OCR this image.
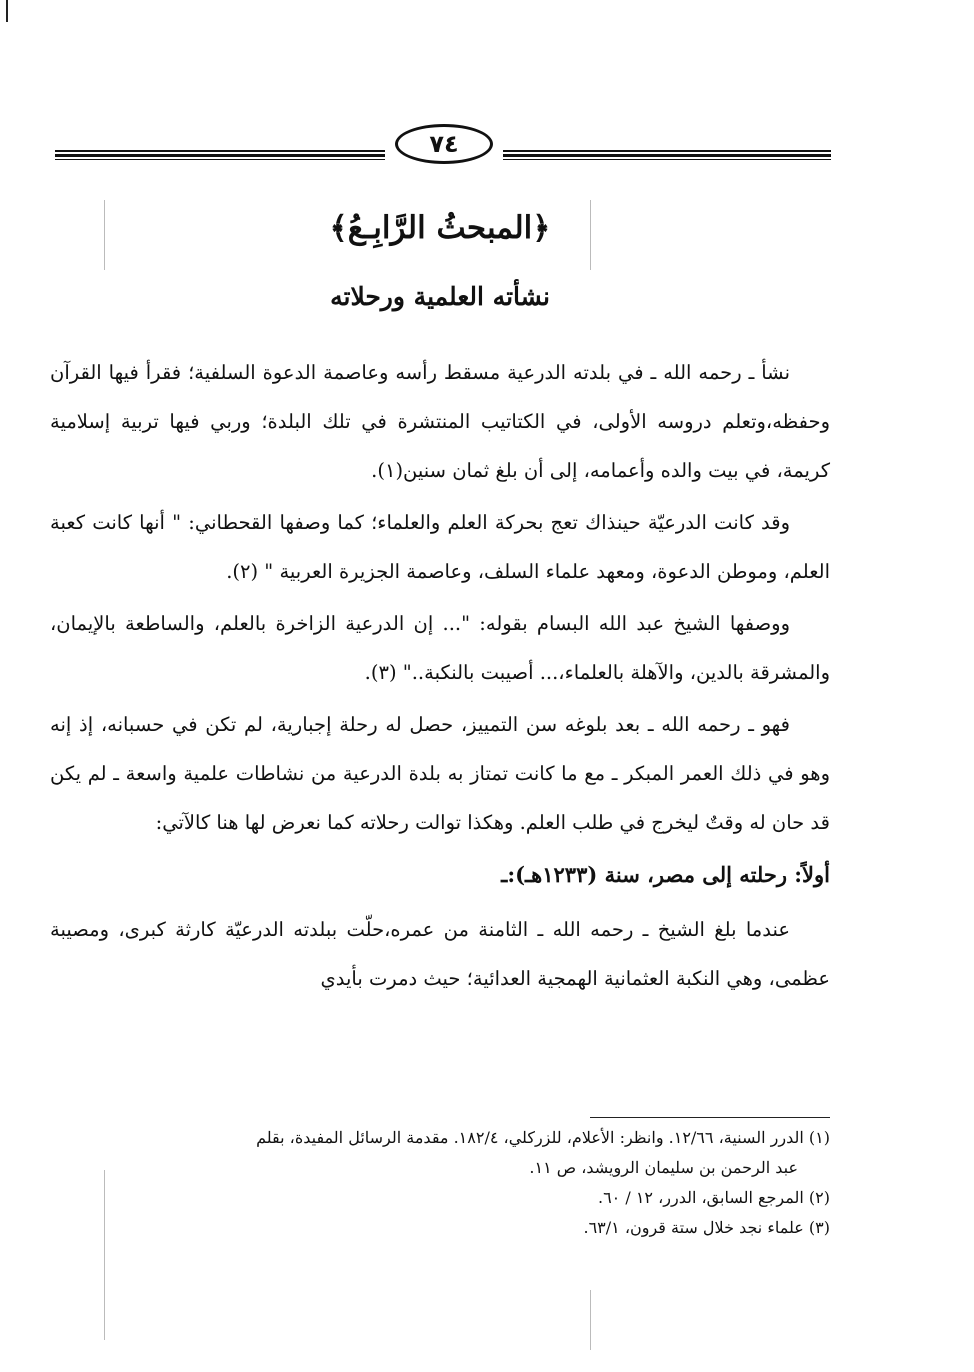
٧٤
﴿المبحثُ الرَّابِـعُ﴾
نشأته العلمية ورحلاته

نشأ ـ رحمه الله ـ في بلدته الدرعية مسقط رأسه وعاصمة الدعوة السلفية؛ فقرأ فيها القرآن وحفظه،وتعلم دروسه الأولى، في الكتاتيب المنتشرة في تلك البلدة؛ وربي فيها تربية إسلامية كريمة، في بيت والده وأعمامه، إلى أن بلغ ثمان سنين(١).

وقد كانت الدرعيّة حينذاك تعج بحركة العلم والعلماء؛ كما وصفها القحطاني: " أنها كانت كعبة العلم، وموطن الدعوة، ومعهد علماء السلف، وعاصمة الجزيرة العربية " (٢).

ووصفها الشيخ عبد الله البسام بقوله: "... إن الدرعية الزاخرة بالعلم، والساطعة بالإيمان، والمشرقة بالدين، والآهلة بالعلماء،... أصيبت بالنكبة.." (٣).

فهو ـ رحمه الله ـ بعد بلوغه سن التمييز، حصل له رحلة إجبارية، لم تكن في حسبانه، إذ إنه وهو في ذلك العمر المبكر ـ مع ما كانت تمتاز به بلدة الدرعية من نشاطات علمية واسعة ـ لم يكن قد حان له وقتٌ ليخرج في طلب العلم. وهكذا توالت رحلاته كما نعرض لها هنا كالآتي:

أولاً: رحلته إلى مصر، سنة (١٢٣٣هـ):ـ

عندما بلغ الشيخ ـ رحمه الله ـ الثامنة من عمره،حلّت ببلدته الدرعيّة كارثة كبرى، ومصيبة عظمى، وهي النكبة العثمانية الهمجية العدائية؛ حيث دمرت بأيدي

(١) الدرر السنية، ١٢/٦٦. وانظر: الأعلام، للزركلي، ١٨٢/٤. مقدمة الرسائل المفيدة، بقلم

عبد الرحمن بن سليمان الرويشد، ص ١١.

(٢) المرجع السابق، الدرر، ١٢ / ٦٠.

(٣) علماء نجد خلال ستة قرون، ٦٣/١.
